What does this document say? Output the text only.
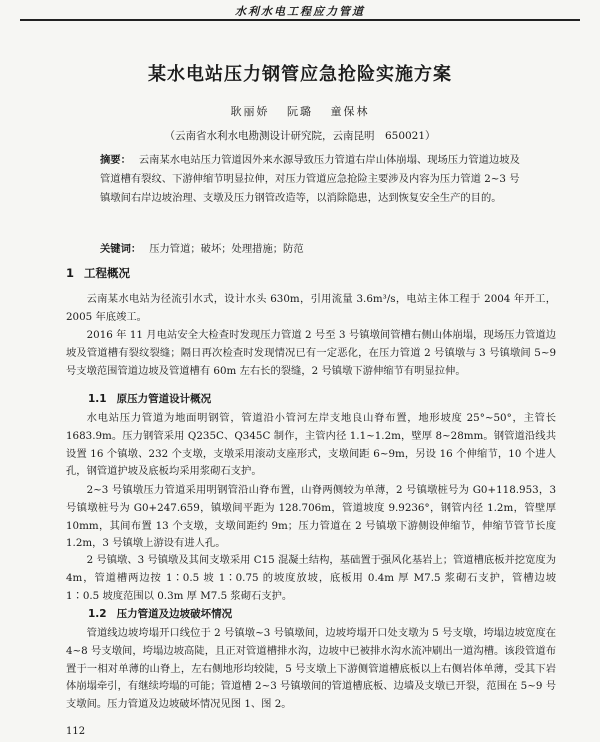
水利水电工程应力管道
某水电站压力钢管应急抢险实施方案
耿丽娇 阮璐 童保林
（云南省水利水电勘测设计研究院，云南昆明　650021）
摘要： 云南某水电站压力管道因外来水源导致压力管道右岸山体崩塌、现场压力管道边坡及管道槽有裂纹、下游伸缩节明显拉伸，对压力管道应急抢险主要涉及内容为压力管道 2~3 号镇墩间右岸边坡治理、支墩及压力钢管改造等，以消除隐患，达到恢复安全生产的目的。
关键词： 压力管道；破坏；处理措施；防范
1 工程概况
云南某水电站为径流引水式，设计水头 630m，引用流量 3.6m³/s，电站主体工程于 2004 年开工，2005 年底竣工。
2016 年 11 月电站安全大检查时发现压力管道 2 号至 3 号镇墩间管槽右侧山体崩塌，现场压力管道边坡及管道槽有裂纹裂缝；隔日再次检查时发现情况已有一定恶化，在压力管道 2 号镇墩与 3 号镇墩间 5~9 号支墩范围管道边坡及管道槽有 60m 左右长的裂缝，2 号镇墩下游伸缩节有明显拉伸。
1.1 原压力管道设计概况
水电站压力管道为地面明钢管，管道沿小管河左岸支地良山脊布置，地形坡度 25°~50°，主管长 1683.9m。压力钢管采用 Q235C、Q345C 制作，主管内径 1.1~1.2m，壁厚 8~28mm。钢管道沿线共设置 16 个镇墩、232 个支墩，支墩采用滚动支座形式，支墩间距 6~9m，另设 16 个伸缩节，10 个进人孔，钢管道护坡及底板均采用浆砌石支护。
2~3 号镇墩压力管道采用明钢管沿山脊布置，山脊两侧较为单薄，2 号镇墩桩号为 G0+118.953，3 号镇墩桩号为 G0+247.659，镇墩间平距为 128.706m，管道坡度 9.9236°，钢管内径 1.2m，管壁厚 10mm，其间布置 13 个支墩，支墩间距约 9m；压力管道在 2 号镇墩下游侧设伸缩节，伸缩节管节长度 1.2m，3 号镇墩上游设有进人孔。
2 号镇墩、3 号镇墩及其间支墩采用 C15 混凝土结构，基础置于强风化基岩上；管道槽底板并挖宽度为 4m，管道槽两边按 1∶0.5 坡 1∶0.75 的坡度放坡，底板用 0.4m 厚 M7.5 浆砌石支护，管槽边坡 1∶0.5 坡度范围以 0.3m 厚 M7.5 浆砌石支护。
1.2 压力管道及边坡破坏情况
管道线边坡垮塌开口线位于 2 号镇墩~3 号镇墩间，边坡垮塌开口处支墩为 5 号支墩，垮塌边坡宽度在 4~8 号支墩间，垮塌边坡高陡，且正对管道槽排水沟，边坡中已被排水沟水流冲刷出一道沟槽。该段管道布置于一相对单薄的山脊上，左右侧地形均较陡，5 号支墩上下游侧管道槽底板以上右侧岩体单薄，受其下岩体崩塌牵引，有继续垮塌的可能；管道槽 2~3 号镇墩间的管道槽底板、边墙及支墩已开裂，范围在 5~9 号支墩间。压力管道及边坡破坏情况见图 1、图 2。
112
